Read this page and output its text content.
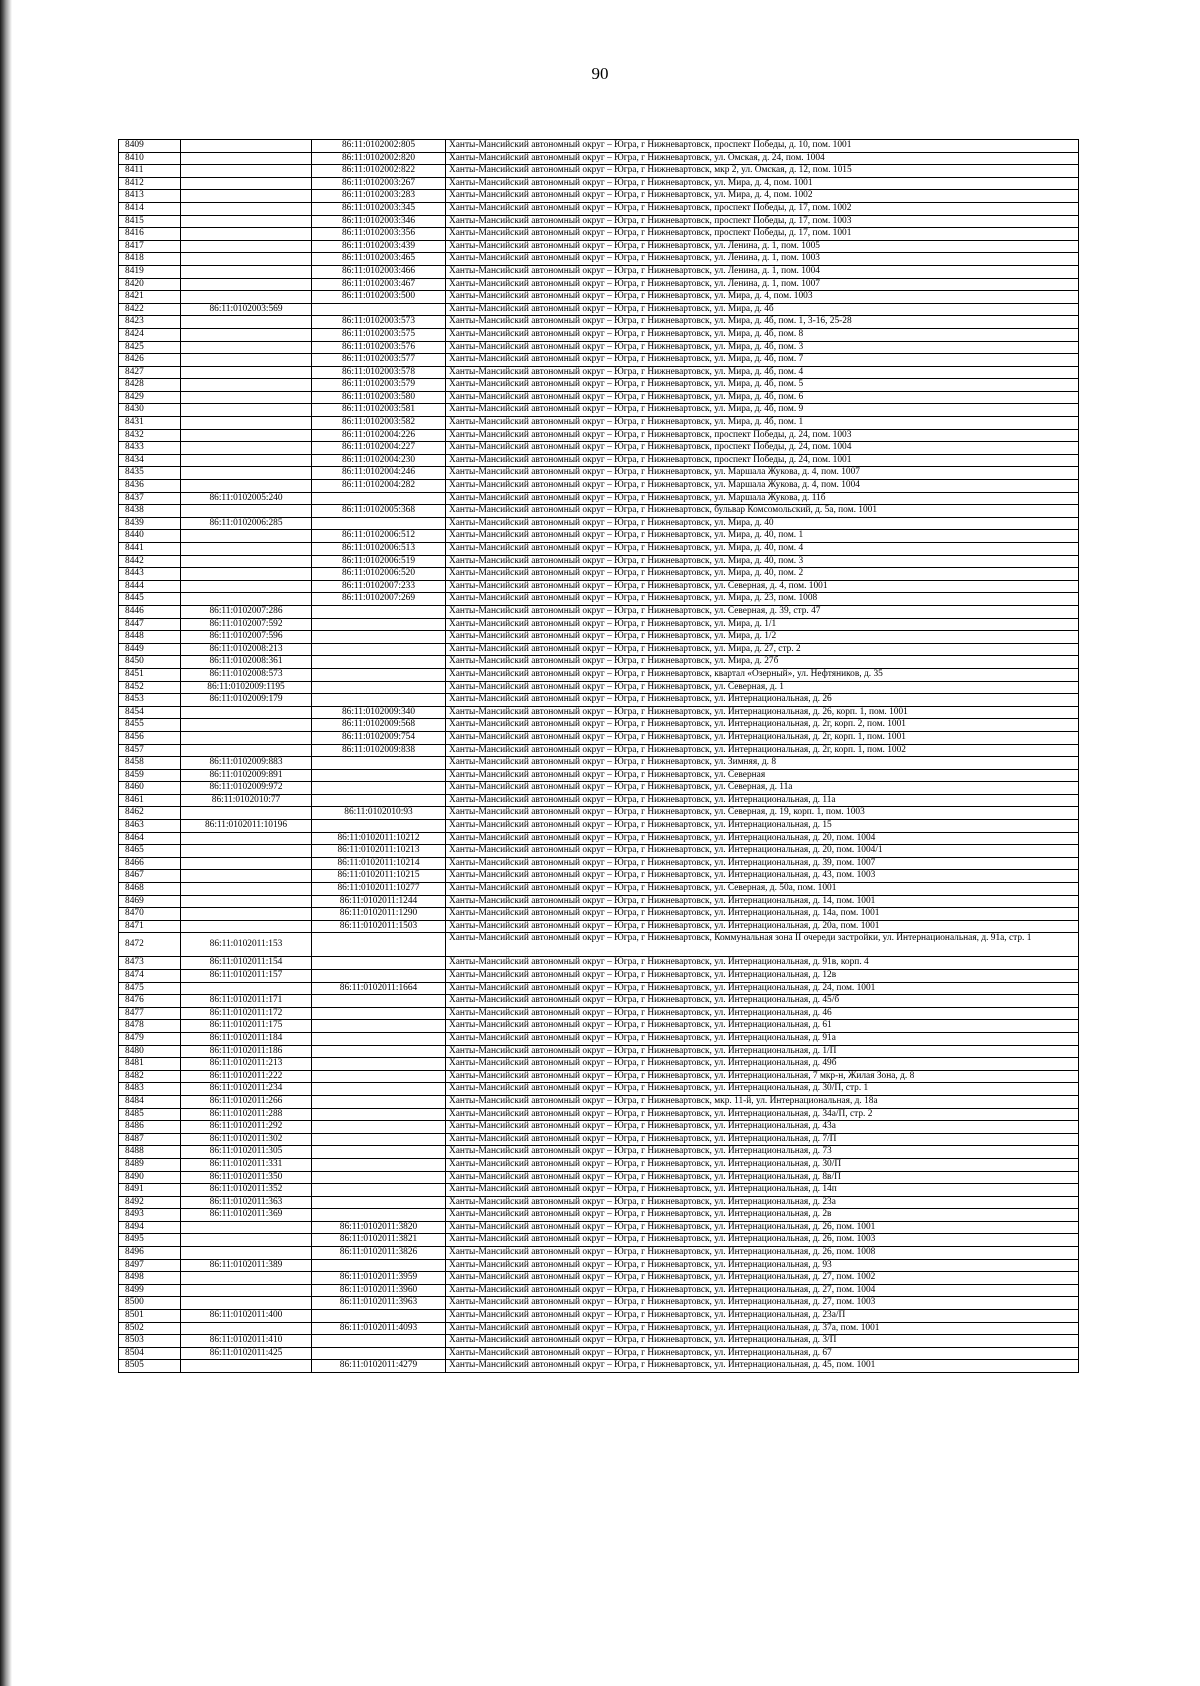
90
8409		86:11:0102002:805	Ханты-Мансийский автономный округ – Югра, г Нижневартовск, проспект Победы, д. 10, пом. 1001
8410		86:11:0102002:820	Ханты-Мансийский автономный округ – Югра, г Нижневартовск, ул. Омская, д. 24, пом. 1004
8411		86:11:0102002:822	Ханты-Мансийский автономный округ – Югра, г Нижневартовск, мкр 2, ул. Омская, д. 12, пом. 1015
8412		86:11:0102003:267	Ханты-Мансийский автономный округ – Югра, г Нижневартовск, ул. Мира, д. 4, пом. 1001
8413		86:11:0102003:283	Ханты-Мансийский автономный округ – Югра, г Нижневартовск, ул. Мира, д. 4, пом. 1002
8414		86:11:0102003:345	Ханты-Мансийский автономный округ – Югра, г Нижневартовск, проспект Победы, д. 17, пом. 1002
8415		86:11:0102003:346	Ханты-Мансийский автономный округ – Югра, г Нижневартовск, проспект Победы, д. 17, пом. 1003
8416		86:11:0102003:356	Ханты-Мансийский автономный округ – Югра, г Нижневартовск, проспект Победы, д. 17, пом. 1001
8417		86:11:0102003:439	Ханты-Мансийский автономный округ – Югра, г Нижневартовск, ул. Ленина, д. 1, пом. 1005
8418		86:11:0102003:465	Ханты-Мансийский автономный округ – Югра, г Нижневартовск, ул. Ленина, д. 1, пом. 1003
8419		86:11:0102003:466	Ханты-Мансийский автономный округ – Югра, г Нижневартовск, ул. Ленина, д. 1, пом. 1004
8420		86:11:0102003:467	Ханты-Мансийский автономный округ – Югра, г Нижневартовск, ул. Ленина, д. 1, пом. 1007
8421		86:11:0102003:500	Ханты-Мансийский автономный округ – Югра, г Нижневартовск, ул. Мира, д. 4, пом. 1003
8422	86:11:0102003:569		Ханты-Мансийский автономный округ – Югра, г Нижневартовск, ул. Мира, д. 4б
8423		86:11:0102003:573	Ханты-Мансийский автономный округ – Югра, г Нижневартовск, ул. Мира, д. 4б, пом. 1, 3-16, 25-28
8424		86:11:0102003:575	Ханты-Мансийский автономный округ – Югра, г Нижневартовск, ул. Мира, д. 4б, пом. 8
8425		86:11:0102003:576	Ханты-Мансийский автономный округ – Югра, г Нижневартовск, ул. Мира, д. 4б, пом. 3
8426		86:11:0102003:577	Ханты-Мансийский автономный округ – Югра, г Нижневартовск, ул. Мира, д. 4б, пом. 7
8427		86:11:0102003:578	Ханты-Мансийский автономный округ – Югра, г Нижневартовск, ул. Мира, д. 4б, пом. 4
8428		86:11:0102003:579	Ханты-Мансийский автономный округ – Югра, г Нижневартовск, ул. Мира, д. 4б, пом. 5
8429		86:11:0102003:580	Ханты-Мансийский автономный округ – Югра, г Нижневартовск, ул. Мира, д. 4б, пом. 6
8430		86:11:0102003:581	Ханты-Мансийский автономный округ – Югра, г Нижневартовск, ул. Мира, д. 4б, пом. 9
8431		86:11:0102003:582	Ханты-Мансийский автономный округ – Югра, г Нижневартовск, ул. Мира, д. 4б, пом. 1
8432		86:11:0102004:226	Ханты-Мансийский автономный округ – Югра, г Нижневартовск, проспект Победы, д. 24, пом. 1003
8433		86:11:0102004:227	Ханты-Мансийский автономный округ – Югра, г Нижневартовск, проспект Победы, д. 24, пом. 1004
8434		86:11:0102004:230	Ханты-Мансийский автономный округ – Югра, г Нижневартовск, проспект Победы, д. 24, пом. 1001
8435		86:11:0102004:246	Ханты-Мансийский автономный округ – Югра, г Нижневартовск, ул. Маршала Жукова, д. 4, пом. 1007
8436		86:11:0102004:282	Ханты-Мансийский автономный округ – Югра, г Нижневартовск, ул. Маршала Жукова, д. 4, пом. 1004
8437	86:11:0102005:240		Ханты-Мансийский автономный округ – Югра, г Нижневартовск, ул. Маршала Жукова, д. 11б
8438		86:11:0102005:368	Ханты-Мансийский автономный округ – Югра, г Нижневартовск, бульвар Комсомольский, д. 5а, пом. 1001
8439	86:11:0102006:285		Ханты-Мансийский автономный округ – Югра, г Нижневартовск, ул. Мира, д. 40
8440		86:11:0102006:512	Ханты-Мансийский автономный округ – Югра, г Нижневартовск, ул. Мира, д. 40, пом. 1
8441		86:11:0102006:513	Ханты-Мансийский автономный округ – Югра, г Нижневартовск, ул. Мира, д. 40, пом. 4
8442		86:11:0102006:519	Ханты-Мансийский автономный округ – Югра, г Нижневартовск, ул. Мира, д. 40, пом. 3
8443		86:11:0102006:520	Ханты-Мансийский автономный округ – Югра, г Нижневартовск, ул. Мира, д. 40, пом. 2
8444		86:11:0102007:233	Ханты-Мансийский автономный округ – Югра, г Нижневартовск, ул. Северная, д. 4, пом. 1001
8445		86:11:0102007:269	Ханты-Мансийский автономный округ – Югра, г Нижневартовск, ул. Мира, д. 23, пом. 1008
8446	86:11:0102007:286		Ханты-Мансийский автономный округ – Югра, г Нижневартовск, ул. Северная, д. 39, стр. 47
8447	86:11:0102007:592		Ханты-Мансийский автономный округ – Югра, г Нижневартовск, ул. Мира, д. 1/1
8448	86:11:0102007:596		Ханты-Мансийский автономный округ – Югра, г Нижневартовск, ул. Мира, д. 1/2
8449	86:11:0102008:213		Ханты-Мансийский автономный округ – Югра, г Нижневартовск, ул. Мира, д. 27, стр. 2
8450	86:11:0102008:361		Ханты-Мансийский автономный округ – Югра, г Нижневартовск, ул. Мира, д. 27б
8451	86:11:0102008:573		Ханты-Мансийский автономный округ – Югра, г Нижневартовск, квартал «Озерный», ул. Нефтяников, д. 35
8452	86:11:0102009:1195		Ханты-Мансийский автономный округ – Югра, г Нижневартовск, ул. Северная, д. 1
8453	86:11:0102009:179		Ханты-Мансийский автономный округ – Югра, г Нижневартовск, ул. Интернациональная, д. 26
8454		86:11:0102009:340	Ханты-Мансийский автономный округ – Югра, г Нижневартовск, ул. Интернациональная, д. 26, корп. 1, пом. 1001
8455		86:11:0102009:568	Ханты-Мансийский автономный округ – Югра, г Нижневартовск, ул. Интернациональная, д. 2г, корп. 2, пом. 1001
8456		86:11:0102009:754	Ханты-Мансийский автономный округ – Югра, г Нижневартовск, ул. Интернациональная, д. 2г, корп. 1, пом. 1001
8457		86:11:0102009:838	Ханты-Мансийский автономный округ – Югра, г Нижневартовск, ул. Интернациональная, д. 2г, корп. 1, пом. 1002
8458	86:11:0102009:883		Ханты-Мансийский автономный округ – Югра, г Нижневартовск, ул. Зимняя, д. 8
8459	86:11:0102009:891		Ханты-Мансийский автономный округ – Югра, г Нижневартовск, ул. Северная
8460	86:11:0102009:972		Ханты-Мансийский автономный округ – Югра, г Нижневартовск, ул. Северная, д. 11а
8461	86:11:0102010:77		Ханты-Мансийский автономный округ – Югра, г Нижневартовск, ул. Интернациональная, д. 11а
8462		86:11:0102010:93	Ханты-Мансийский автономный округ – Югра, г Нижневартовск, ул. Северная, д. 19, корп. 1, пом. 1003
8463	86:11:0102011:10196		Ханты-Мансийский автономный округ – Югра, г Нижневартовск, ул. Интернациональная, д. 15
8464		86:11:0102011:10212	Ханты-Мансийский автономный округ – Югра, г Нижневартовск, ул. Интернациональная, д. 20, пом. 1004
8465		86:11:0102011:10213	Ханты-Мансийский автономный округ – Югра, г Нижневартовск, ул. Интернациональная, д. 20, пом. 1004/1
8466		86:11:0102011:10214	Ханты-Мансийский автономный округ – Югра, г Нижневартовск, ул. Интернациональная, д. 39, пом. 1007
8467		86:11:0102011:10215	Ханты-Мансийский автономный округ – Югра, г Нижневартовск, ул. Интернациональная, д. 43, пом. 1003
8468		86:11:0102011:10277	Ханты-Мансийский автономный округ – Югра, г Нижневартовск, ул. Северная, д. 50а, пом. 1001
8469		86:11:0102011:1244	Ханты-Мансийский автономный округ – Югра, г Нижневартовск, ул. Интернациональная, д. 14, пом. 1001
8470		86:11:0102011:1290	Ханты-Мансийский автономный округ – Югра, г Нижневартовск, ул. Интернациональная, д. 14а, пом. 1001
8471		86:11:0102011:1503	Ханты-Мансийский автономный округ – Югра, г Нижневартовск, ул. Интернациональная, д. 20а, пом. 1001
8472	86:11:0102011:153		Ханты-Мансийский автономный округ – Югра, г Нижневартовск, Коммунальная зона II очереди застройки, ул. Интернациональная, д. 91а, стр. 1
8473	86:11:0102011:154		Ханты-Мансийский автономный округ – Югра, г Нижневартовск, ул. Интернациональная, д. 91в, корп. 4
8474	86:11:0102011:157		Ханты-Мансийский автономный округ – Югра, г Нижневартовск, ул. Интернациональная, д. 12в
8475		86:11:0102011:1664	Ханты-Мансийский автономный округ – Югра, г Нижневартовск, ул. Интернациональная, д. 24, пом. 1001
8476	86:11:0102011:171		Ханты-Мансийский автономный округ – Югра, г Нижневартовск, ул. Интернациональная, д. 45/б
8477	86:11:0102011:172		Ханты-Мансийский автономный округ – Югра, г Нижневартовск, ул. Интернациональная, д. 46
8478	86:11:0102011:175		Ханты-Мансийский автономный округ – Югра, г Нижневартовск, ул. Интернациональная, д. 61
8479	86:11:0102011:184		Ханты-Мансийский автономный округ – Югра, г Нижневартовск, ул. Интернациональная, д. 91а
8480	86:11:0102011:186		Ханты-Мансийский автономный округ – Югра, г Нижневартовск, ул. Интернациональная, д. 1/П
8481	86:11:0102011:213		Ханты-Мансийский автономный округ – Югра, г Нижневартовск, ул. Интернациональная, д. 49б
8482	86:11:0102011:222		Ханты-Мансийский автономный округ – Югра, г Нижневартовск, ул. Интернациональная, 7 мкр-н, Жилая Зона, д. 8
8483	86:11:0102011:234		Ханты-Мансийский автономный округ – Югра, г Нижневартовск, ул. Интернациональная, д. 30/П, стр. 1
8484	86:11:0102011:266		Ханты-Мансийский автономный округ – Югра, г Нижневартовск, мкр. 11-й, ул. Интернациональная, д. 18а
8485	86:11:0102011:288		Ханты-Мансийский автономный округ – Югра, г Нижневартовск, ул. Интернациональная, д. 34а/П, стр. 2
8486	86:11:0102011:292		Ханты-Мансийский автономный округ – Югра, г Нижневартовск, ул. Интернациональная, д. 43а
8487	86:11:0102011:302		Ханты-Мансийский автономный округ – Югра, г Нижневартовск, ул. Интернациональная, д. 7/П
8488	86:11:0102011:305		Ханты-Мансийский автономный округ – Югра, г Нижневартовск, ул. Интернациональная, д. 73
8489	86:11:0102011:331		Ханты-Мансийский автономный округ – Югра, г Нижневартовск, ул. Интернациональная, д. 30/П
8490	86:11:0102011:350		Ханты-Мансийский автономный округ – Югра, г Нижневартовск, ул. Интернациональная, д. 8в/П
8491	86:11:0102011:352		Ханты-Мансийский автономный округ – Югра, г Нижневартовск, ул. Интернациональная, д. 14п
8492	86:11:0102011:363		Ханты-Мансийский автономный округ – Югра, г Нижневартовск, ул. Интернациональная, д. 23а
8493	86:11:0102011:369		Ханты-Мансийский автономный округ – Югра, г Нижневартовск, ул. Интернациональная, д. 2в
8494		86:11:0102011:3820	Ханты-Мансийский автономный округ – Югра, г Нижневартовск, ул. Интернациональная, д. 26, пом. 1001
8495		86:11:0102011:3821	Ханты-Мансийский автономный округ – Югра, г Нижневартовск, ул. Интернациональная, д. 26, пом. 1003
8496		86:11:0102011:3826	Ханты-Мансийский автономный округ – Югра, г Нижневартовск, ул. Интернациональная, д. 26, пом. 1008
8497	86:11:0102011:389		Ханты-Мансийский автономный округ – Югра, г Нижневартовск, ул. Интернациональная, д. 93
8498		86:11:0102011:3959	Ханты-Мансийский автономный округ – Югра, г Нижневартовск, ул. Интернациональная, д. 27, пом. 1002
8499		86:11:0102011:3960	Ханты-Мансийский автономный округ – Югра, г Нижневартовск, ул. Интернациональная, д. 27, пом. 1004
8500		86:11:0102011:3963	Ханты-Мансийский автономный округ – Югра, г Нижневартовск, ул. Интернациональная, д. 27, пом. 1003
8501	86:11:0102011:400		Ханты-Мансийский автономный округ – Югра, г Нижневартовск, ул. Интернациональная, д. 23а/П
8502		86:11:0102011:4093	Ханты-Мансийский автономный округ – Югра, г Нижневартовск, ул. Интернациональная, д. 37а, пом. 1001
8503	86:11:0102011:410		Ханты-Мансийский автономный округ – Югра, г Нижневартовск, ул. Интернациональная, д. 3/П
8504	86:11:0102011:425		Ханты-Мансийский автономный округ – Югра, г Нижневартовск, ул. Интернациональная, д. 67
8505		86:11:0102011:4279	Ханты-Мансийский автономный округ – Югра, г Нижневартовск, ул. Интернациональная, д. 45, пом. 1001
